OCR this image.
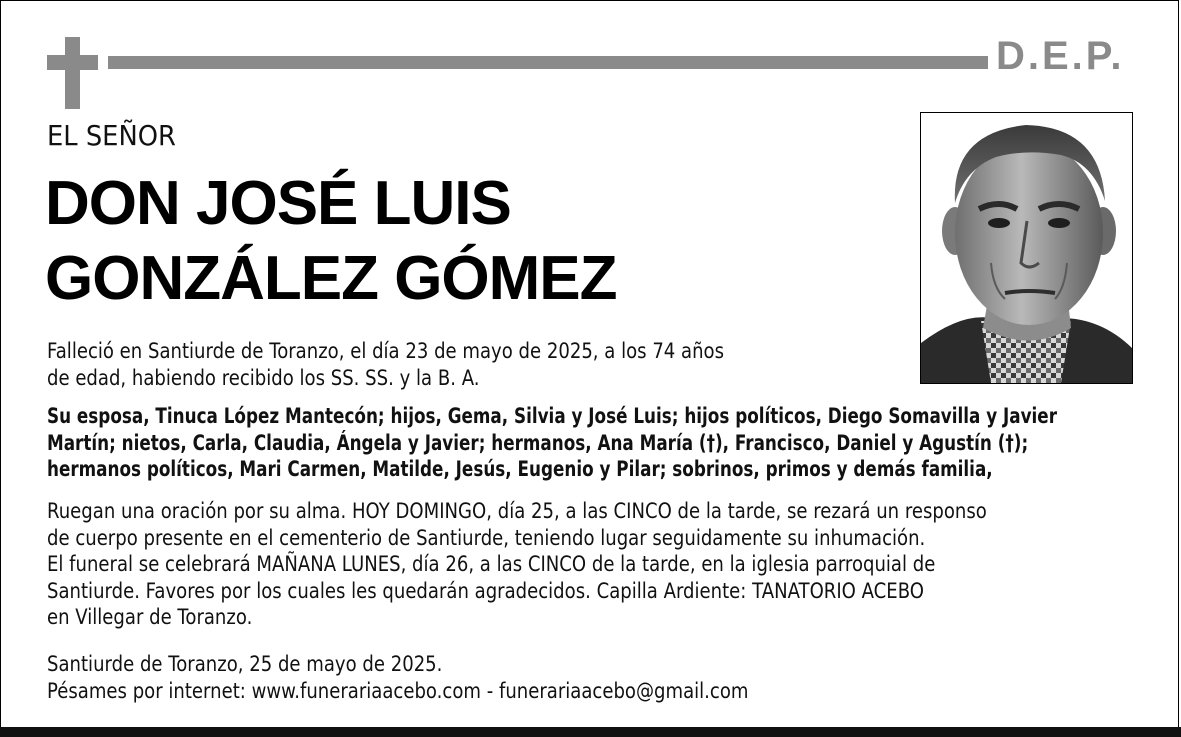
D.E.P.
EL SEÑOR
DON JOSÉ LUIS
GONZÁLEZ GÓMEZ
Falleció en Santiurde de Toranzo, el día 23 de mayo de 2025, a los 74 años
de edad, habiendo recibido los SS. SS. y la B. A.
Su esposa, Tinuca López Mantecón; hijos, Gema, Silvia y José Luis; hijos políticos, Diego Somavilla y Javier
Martín; nietos, Carla, Claudia, Ángela y Javier; hermanos, Ana María (†), Francisco, Daniel y Agustín (†);
hermanos políticos, Mari Carmen, Matilde, Jesús, Eugenio y Pilar; sobrinos, primos y demás familia,
Ruegan una oración por su alma. HOY DOMINGO, día 25, a las CINCO de la tarde, se rezará un responso
de cuerpo presente en el cementerio de Santiurde, teniendo lugar seguidamente su inhumación.
El funeral se celebrará MAÑANA LUNES, día 26, a las CINCO de la tarde, en la iglesia parroquial de
Santiurde. Favores por los cuales les quedarán agradecidos. Capilla Ardiente: TANATORIO ACEBO
en Villegar de Toranzo.
Santiurde de Toranzo, 25 de mayo de 2025.
Pésames por internet: www.funerariaacebo.com - funerariaacebo@gmail.com
